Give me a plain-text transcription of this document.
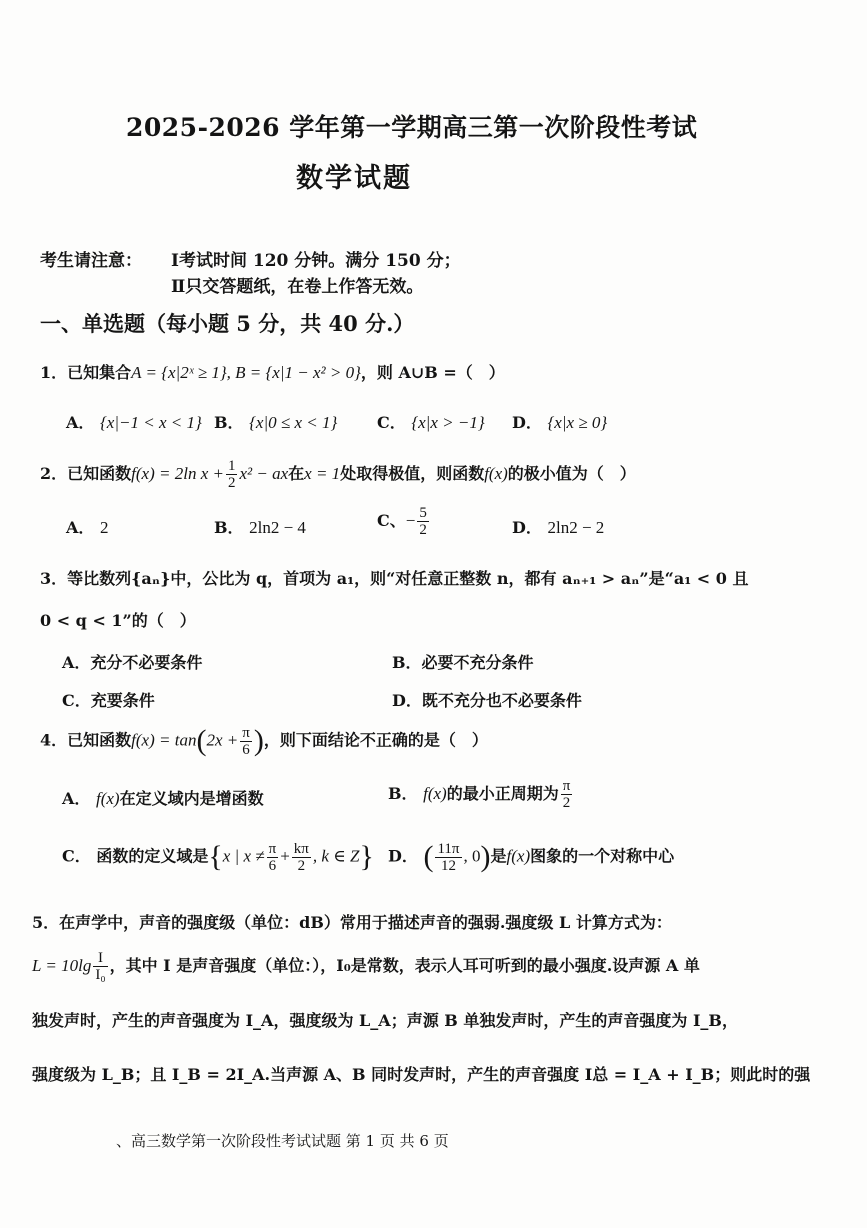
2025-2026 学年第一学期高三第一次阶段性考试
数学试题
考生请注意： Ⅰ考试时间 120 分钟。满分 150 分；
Ⅱ只交答题纸，在卷上作答无效。
一、单选题（每小题 5 分，共 40 分.）
1．已知集合A = {x|2ˣ ≥ 1}, B = {x|1 − x² > 0}，则 A∪B =（　）
A． {x|−1 < x < 1} B． {x|0 ≤ x < 1} C． {x|x > −1} D． {x|x ≥ 0}
2．已知函数f(x) = 2ln $x + \frac{1}{2} x^2$ − ax在x = 1处取得极值，则函数f(x)的极小值为（　）
A． 2	B． 2ln2 − 4	C、− $\frac{5}{2}$	D． 2ln2 − 2
3．等比数列{aₙ}中，公比为 q，首项为 a₁，则“对任意正整数 n，都有 aₙ₊₁ > aₙ”是“a₁ < 0 且
0 < q < 1”的（　）
A．充分不必要条件	B．必要不充分条件
C．充要条件	D．既不充分也不必要条件
4．已知函数$f(x) = \tan(2x + \frac{\pi}{6}$ )，则下面结论不正确的是（　）
A． f(x)在定义域内是增函数	B． f(x)的最小正周期为 $\frac{\pi}{2}$
C． 函数的定义域是{x | $x \ne \frac{\pi}{6} + \frac{k\pi}{2}$ , k ∈ Z} D． ( $\frac{11\pi}{12}$ , 0)是f(x)图象的一个对称中心
5．在声学中，声音的强度级（单位：dB）常用于描述声音的强弱.强度级 L 计算方式为：
$L = 10\lg \frac{I}{\text{I₀}}$ ，其中 I 是声音强度（单位：），I₀是常数，表示人耳可听到的最小强度.设声源 A 单
独发声时，产生的声音强度为 I_A，强度级为 L_A；声源 B 单独发声时，产生的声音强度为 I_B，
强度级为 L_B；且 I_B = 2I_A.当声源 A、B 同时发声时，产生的声音强度 I总 = I_A + I_B；则此时的强
、高三数学第一次阶段性考试试题 第 1 页 共 6 页
